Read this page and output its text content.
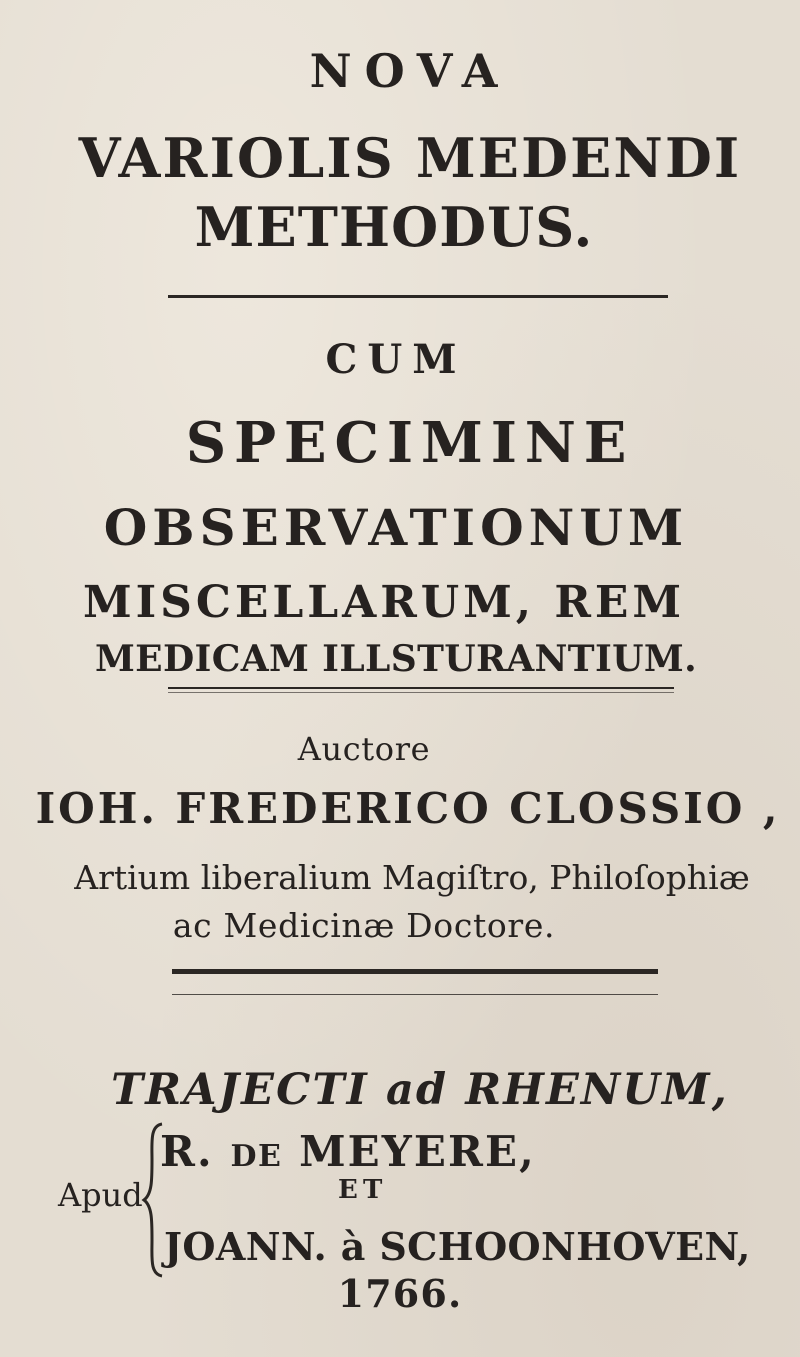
NOVA
VARIOLIS MEDENDI
METHODUS.
CUM
SPECIMINE
OBSERVATIONUM
MISCELLARUM, REM
MEDICAM ILLSTURANTIUM.
Auctore
IOH. FREDERICO CLOSSIO ,
Artium liberalium Magiſtro, Philoſophiæ
ac Medicinæ Doctore.
TRAJECTI ad RHENUM,
Apud
R. DE MEYERE,
ET
JOANN. à SCHOONHOVEN,
1766.
